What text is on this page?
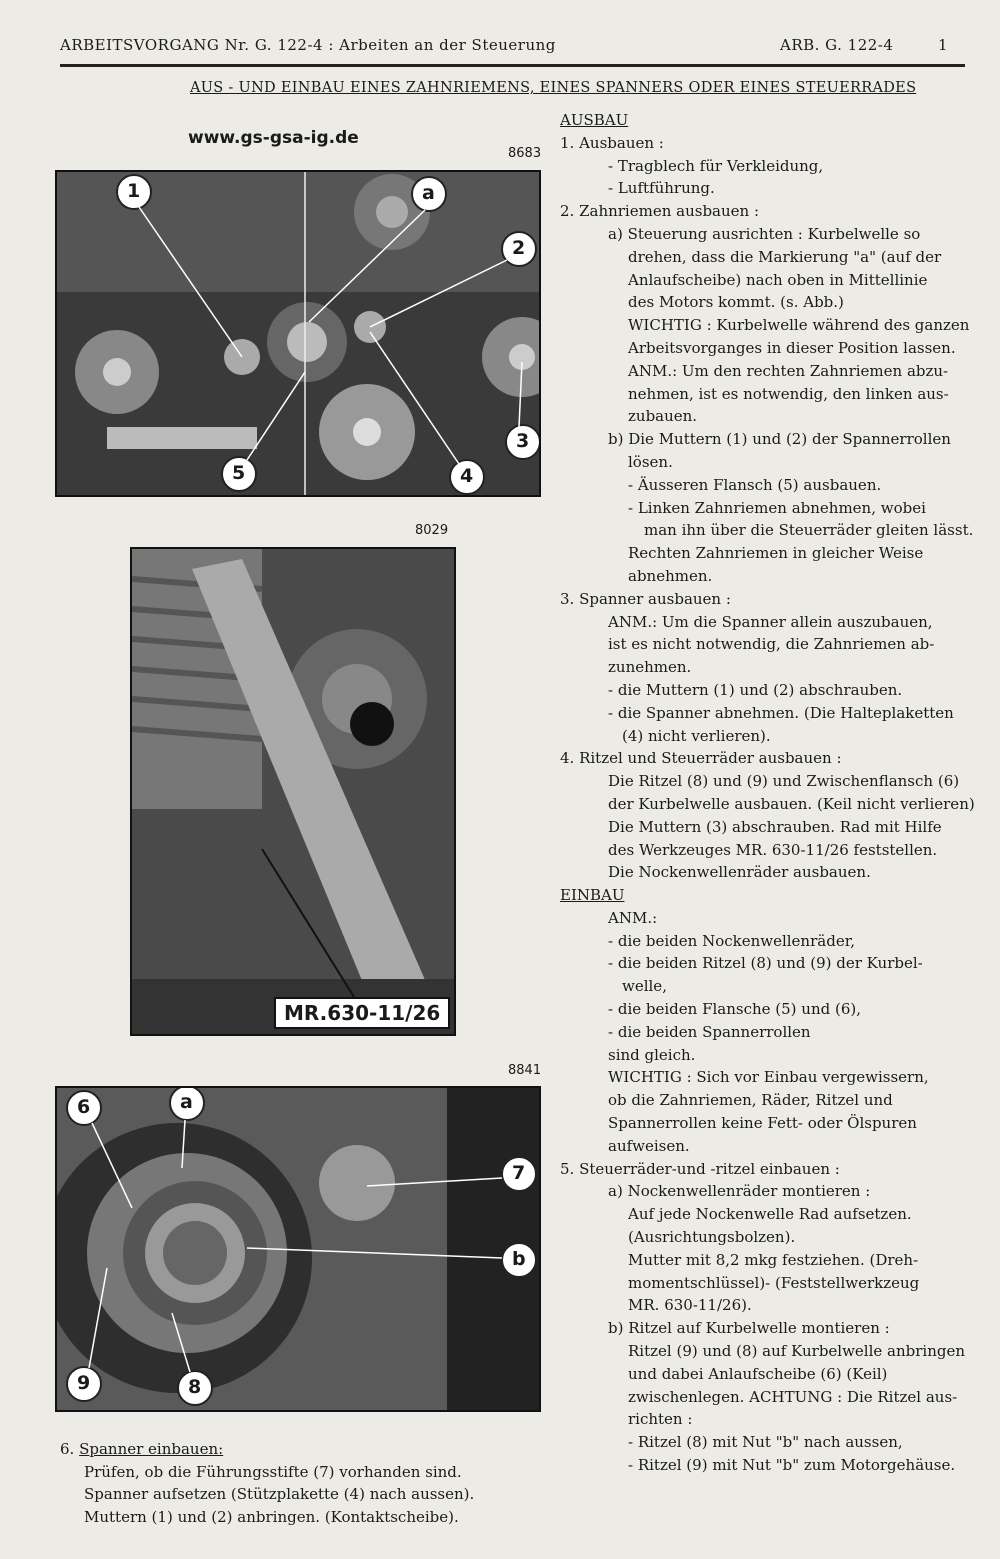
ARBEITSVORGANG Nr. G. 122-4 : Arbeiten an der Steuerung	ARB. G. 122-4	1
AUS - UND EINBAU EINES ZAHNRIEMENS, EINES SPANNERS ODER EINES STEUERRADES
www.gs-gsa-ig.de
8683
1	a
2
3
4
5
8029
MR.630-11/26
8841
6	a
7
b
9	8
AUSBAU
1. Ausbauen :
- Tragblech für Verkleidung,
- Luftführung.
2. Zahnriemen ausbauen :
a) Steuerung ausrichten : Kurbelwelle so
drehen, dass die Markierung "a" (auf der
Anlaufscheibe) nach oben in Mittellinie
des Motors kommt. (s. Abb.)
WICHTIG : Kurbelwelle während des ganzen
Arbeitsvorganges in dieser Position lassen.
ANM.: Um den rechten Zahnriemen abzu-
nehmen, ist es notwendig, den linken aus-
zubauen.
b) Die Muttern (1) und (2) der Spannerrollen
lösen.
- Äusseren Flansch (5) ausbauen.
- Linken Zahnriemen abnehmen, wobei
man ihn über die Steuerräder gleiten lässt.
Rechten Zahnriemen in gleicher Weise
abnehmen.
3. Spanner ausbauen :
ANM.: Um die Spanner allein auszubauen,
ist es nicht notwendig, die Zahnriemen ab-
zunehmen.
- die Muttern (1) und (2) abschrauben.
- die Spanner abnehmen. (Die Halteplaketten
(4) nicht verlieren).
4. Ritzel und Steuerräder ausbauen :
Die Ritzel (8) und (9) und Zwischenflansch (6)
der Kurbelwelle ausbauen. (Keil nicht verlieren)
Die Muttern (3) abschrauben. Rad mit Hilfe
des Werkzeuges MR. 630-11/26 feststellen.
Die Nockenwellenräder ausbauen.
EINBAU
ANM.:
- die beiden Nockenwellenräder,
- die beiden Ritzel (8) und (9) der Kurbel-
welle,
- die beiden Flansche (5) und (6),
- die beiden Spannerrollen
sind gleich.
WICHTIG : Sich vor Einbau vergewissern,
ob die Zahnriemen, Räder, Ritzel und
Spannerrollen keine Fett- oder Ölspuren
aufweisen.
5. Steuerräder-und -ritzel einbauen :
a) Nockenwellenräder montieren :
Auf jede Nockenwelle Rad aufsetzen.
(Ausrichtungsbolzen).
Mutter mit 8,2 mkg festziehen. (Dreh-
momentschlüssel)- (Feststellwerkzeug
MR. 630-11/26).
b) Ritzel auf Kurbelwelle montieren :
Ritzel (9) und (8) auf Kurbelwelle anbringen
und dabei Anlaufscheibe (6) (Keil)
zwischenlegen. ACHTUNG : Die Ritzel aus-
richten :
- Ritzel (8) mit Nut "b" nach aussen,
- Ritzel (9) mit Nut "b" zum Motorgehäuse.
6. Spanner einbauen:
Prüfen, ob die Führungsstifte (7) vorhanden sind.
Spanner aufsetzen (Stützplakette (4) nach aussen).
Muttern (1) und (2) anbringen. (Kontaktscheibe).
